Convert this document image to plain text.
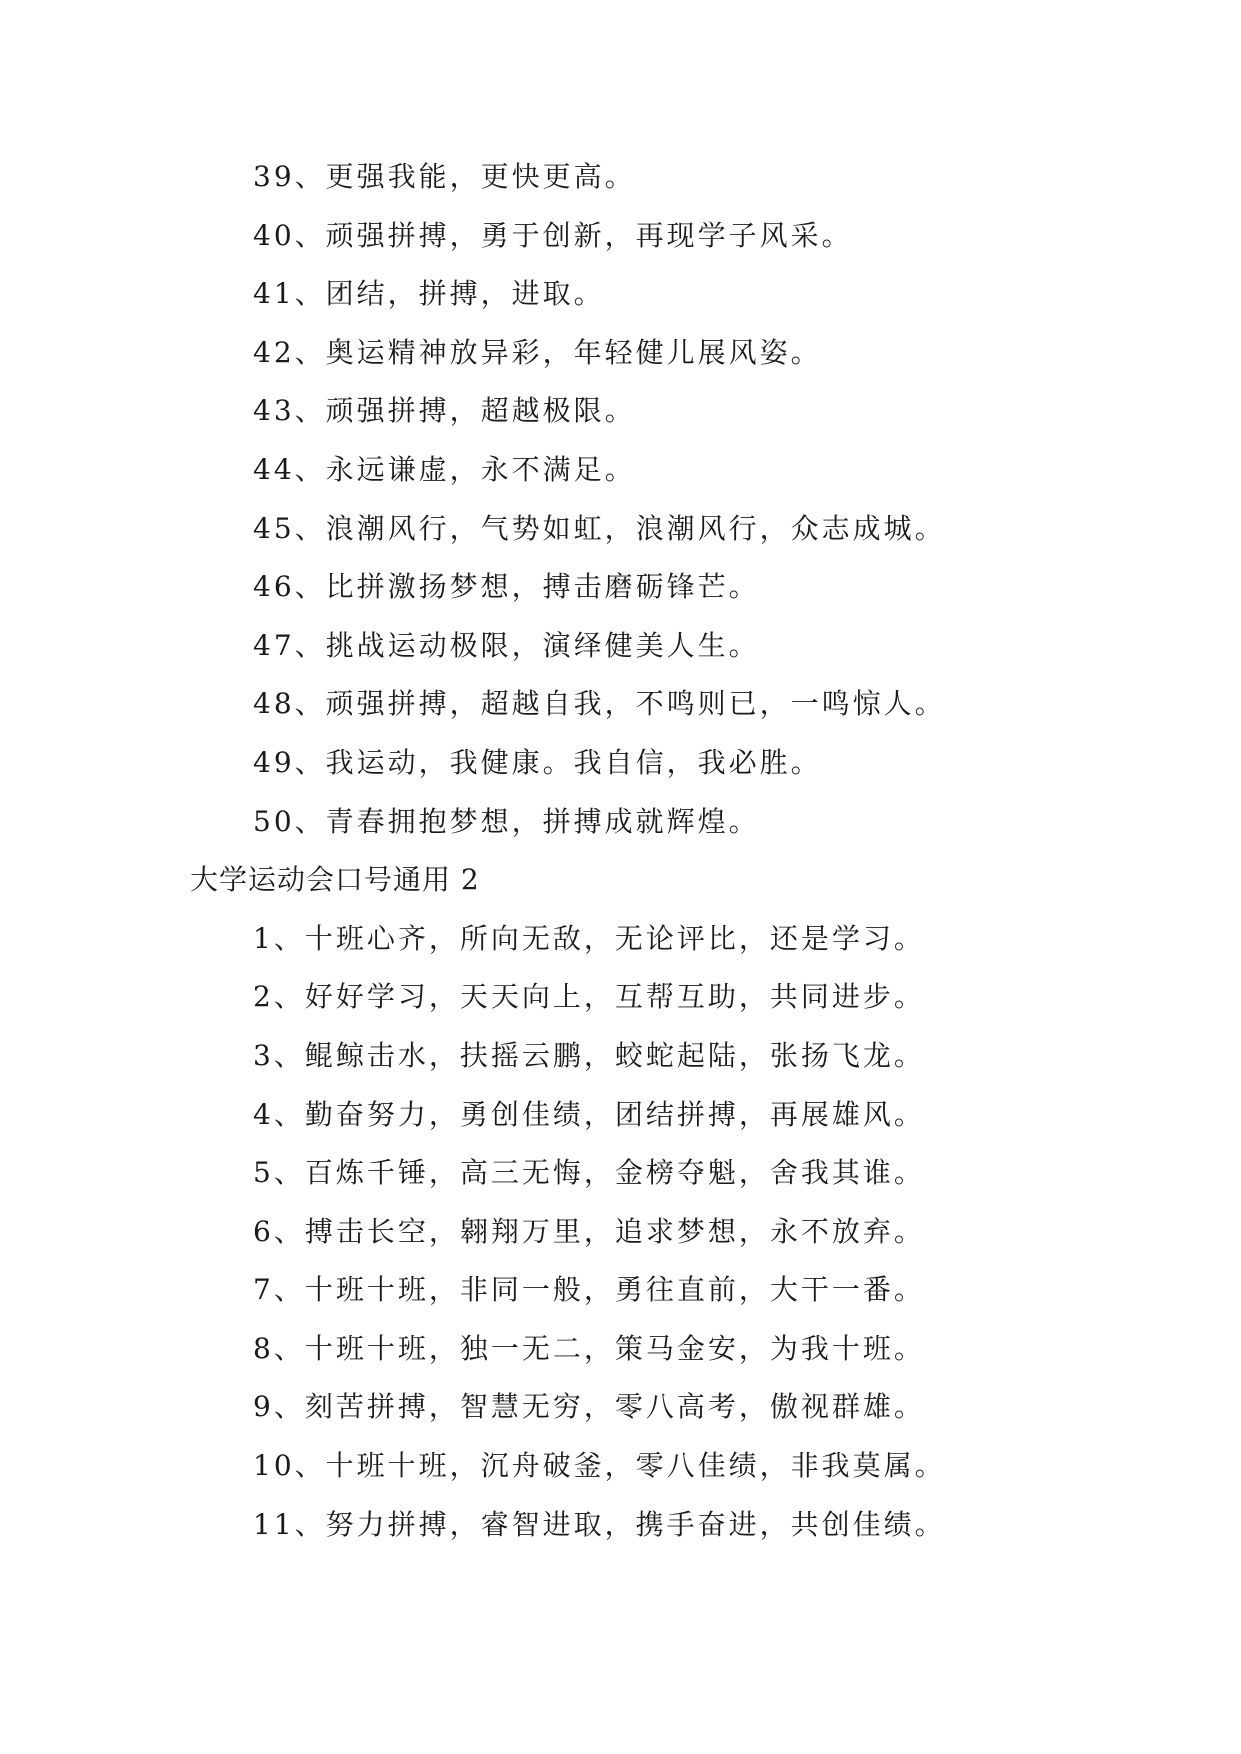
39、更强我能，更快更高。
40、顽强拼搏，勇于创新，再现学子风采。
41、团结，拼搏，进取。
42、奥运精神放异彩，年轻健儿展风姿。
43、顽强拼搏，超越极限。
44、永远谦虚，永不满足。
45、浪潮风行，气势如虹，浪潮风行，众志成城。
46、比拼激扬梦想，搏击磨砺锋芒。
47、挑战运动极限，演绎健美人生。
48、顽强拼搏，超越自我，不鸣则已，一鸣惊人。
49、我运动，我健康。我自信，我必胜。
50、青春拥抱梦想，拼搏成就辉煌。
大学运动会口号通用 2
1、十班心齐，所向无敌，无论评比，还是学习。
2、好好学习，天天向上，互帮互助，共同进步。
3、鲲鲸击水，扶摇云鹏，蛟蛇起陆，张扬飞龙。
4、勤奋努力，勇创佳绩，团结拼搏，再展雄风。
5、百炼千锤，高三无悔，金榜夺魁，舍我其谁。
6、搏击长空，翱翔万里，追求梦想，永不放弃。
7、十班十班，非同一般，勇往直前，大干一番。
8、十班十班，独一无二，策马金安，为我十班。
9、刻苦拼搏，智慧无穷，零八高考，傲视群雄。
10、十班十班，沉舟破釜，零八佳绩，非我莫属。
11、努力拼搏，睿智进取，携手奋进，共创佳绩。
